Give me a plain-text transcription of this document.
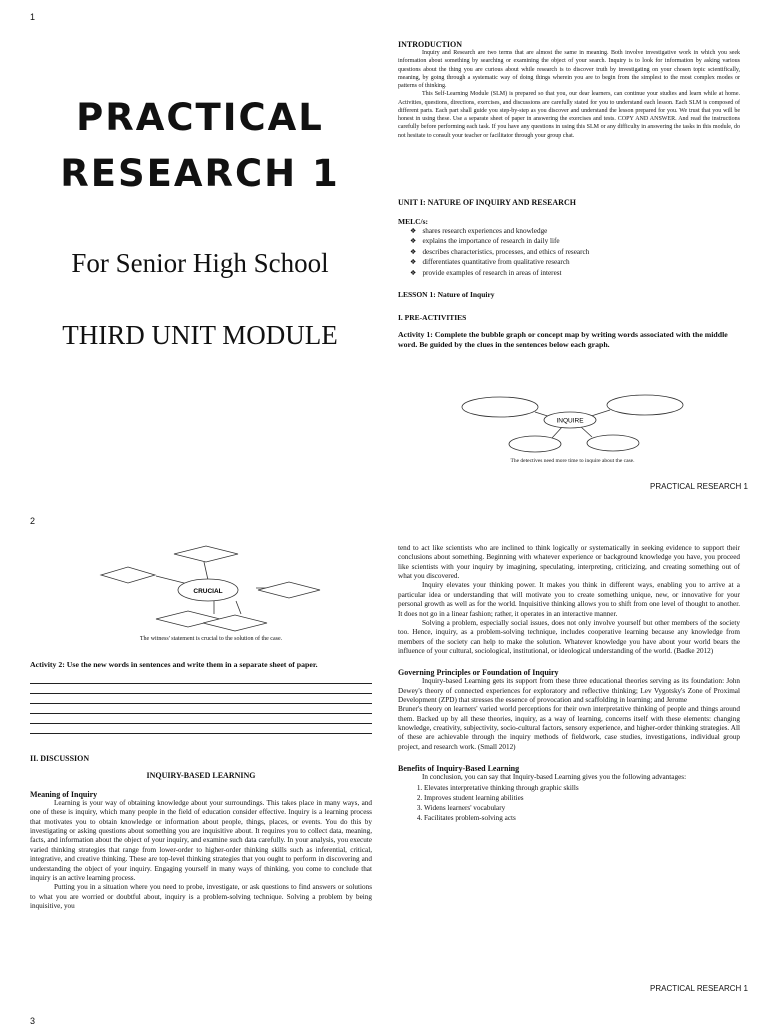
1
PRACTICAL
RESEARCH 1
For Senior High School
THIRD UNIT MODULE

INTRODUCTION

Inquiry and Research are two terms that are almost the same in meaning. Both involve investigative work in which you seek information about something by searching or examining the object of your search. Inquiry is to look for information by asking various questions about the thing you are curious about while research is to discover truth by investigating on your chosen topic scientifically, meaning, by going through a systematic way of doing things wherein you are to begin from the simplest to the most complex modes or patterns of thinking.

This Self-Learning Module (SLM) is prepared so that you, our dear learners, can continue your studies and learn while at home. Activities, questions, directions, exercises, and discussions are carefully stated for you to understand each lesson. Each SLM is composed of different parts. Each part shall guide you step-by-step as you discover and understand the lesson prepared for you. We trust that you will be honest in using these. Use a separate sheet of paper in answering the exercises and tests. COPY AND ANSWER. And read the instructions carefully before performing each task. If you have any questions in using this SLM or any difficulty in answering the tasks in this module, do not hesitate to consult your teacher or facilitator through your group chat.

UNIT I: NATURE OF INQUIRY AND RESEARCH

MELC/s:

❖ shares research experiences and knowledge
❖ explains the importance of research in daily life
❖ describes characteristics, processes, and ethics of research
❖ differentiates quantitative from qualitative research
❖ provide examples of research in areas of interest

LESSON 1: Nature of Inquiry

I. PRE-ACTIVITIES

Activity 1: Complete the bubble graph or concept map by writing words associated with the middle word. Be guided by the clues in the sentences below each graph.
INQUIRE
The detectives need more time to inquire about the case.
PRACTICAL RESEARCH 1
2
CRUCIAL
The witness' statement is crucial to the solution of the case.
Activity 2: Use the new words in sentences and write them in a separate sheet of paper.

II. DISCUSSION

INQUIRY-BASED LEARNING

Meaning of Inquiry

Learning is your way of obtaining knowledge about your surroundings. This takes place in many ways, and one of these is inquiry, which many people in the field of education consider effective. Inquiry is a learning process that motivates you to obtain knowledge or information about people, things, places, or events. You do this by investigating or asking questions about something you are inquisitive about. It requires you to collect data, meaning, facts, and information about the object of your inquiry, and examine such data carefully. In your analysis, you execute varied thinking strategies that range from lower-order to higher-order thinking skills such as inferential, critical, integrative, and creative thinking. These are top-level thinking strategies that you ought to perform in discovering and understanding the object of your inquiry. Engaging yourself in many ways of thinking, you come to conclude that inquiry is an active learning process.

Putting you in a situation where you need to probe, investigate, or ask questions to find answers or solutions to what you are worried or doubtful about, inquiry is a problem-solving technique. Solving a problem by being inquisitive, you

tend to act like scientists who are inclined to think logically or systematically in seeking evidence to support their conclusions about something. Beginning with whatever experience or background knowledge you have, you proceed like scientists with your inquiry by imagining, speculating, interpreting, criticizing, and creating something out of what you discovered.

Inquiry elevates your thinking power. It makes you think in different ways, enabling you to arrive at a particular idea or understanding that will motivate you to create something unique, new, or innovative for your personal growth as well as for the world. Inquisitive thinking allows you to shift from one level of thought to another. It does not go in a linear fashion; rather, it operates in an interactive manner.

Solving a problem, especially social issues, does not only involve yourself but other members of the society too. Hence, inquiry, as a problem-solving technique, includes cooperative learning because any knowledge from members of the society can help to make the solution. Whatever knowledge you have about your world bears the influence of your cultural, sociological, institutional, or ideological understanding of the world. (Badke 2012)

Governing Principles or Foundation of Inquiry

Inquiry-based Learning gets its support from these three educational theories serving as its foundation: John Dewey's theory of connected experiences for exploratory and reflective thinking; Lev Vygotsky's Zone of Proximal Development (ZPD) that stresses the essence of provocation and scaffolding in learning; and Jerome

Bruner's theory on learners' varied world perceptions for their own interpretative thinking of people and things around them. Backed up by all these theories, inquiry, as a way of learning, concerns itself with these elements: changing knowledge, creativity, subjectivity, socio-cultural factors, sensory experience, and higher-order thinking strategies. All of these are achievable through the inquiry methods of fieldwork, case studies, investigations, individual group project, and research work. (Small 2012)

Benefits of Inquiry-Based Learning

In conclusion, you can say that Inquiry-based Learning gives you the following advantages:

1. Elevates interpretative thinking through graphic skills
2. Improves student learning abilities
3. Widens learners' vocabulary
4. Facilitates problem-solving acts
PRACTICAL RESEARCH 1
3
